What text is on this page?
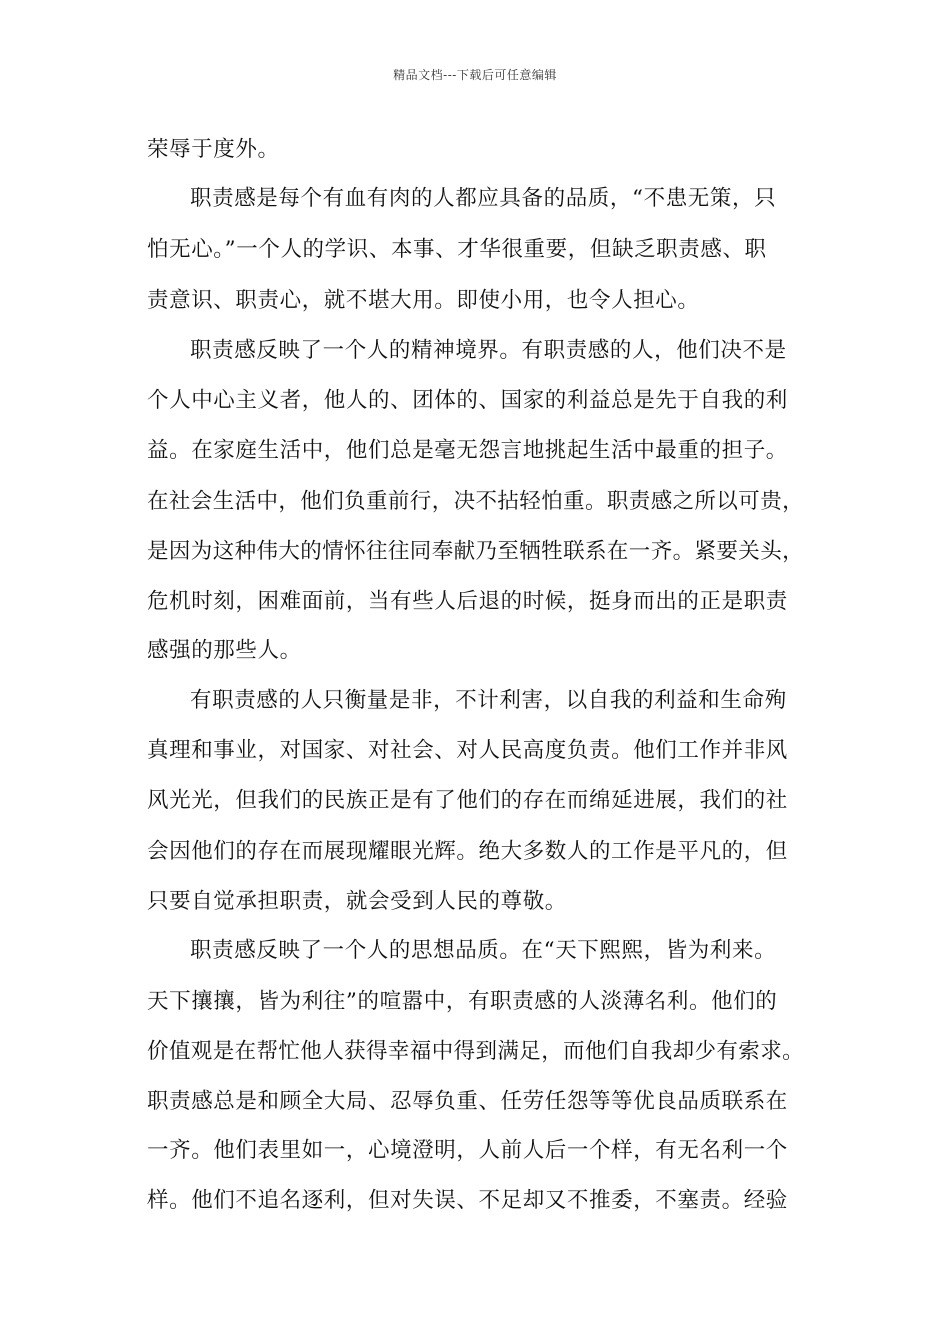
精品文档---下载后可任意编辑
荣辱于度外。
职责感是每个有血有肉的人都应具备的品质，“不患无策，只
怕无心。”一个人的学识、本事、才华很重要，但缺乏职责感、职
责意识、职责心，就不堪大用。即使小用，也令人担心。
职责感反映了一个人的精神境界。有职责感的人，他们决不是
个人中心主义者，他人的、团体的、国家的利益总是先于自我的利
益。在家庭生活中，他们总是毫无怨言地挑起生活中最重的担子。
在社会生活中，他们负重前行，决不拈轻怕重。职责感之所以可贵，
是因为这种伟大的情怀往往同奉献乃至牺牲联系在一齐。紧要关头，
危机时刻，困难面前，当有些人后退的时候，挺身而出的正是职责
感强的那些人。
有职责感的人只衡量是非，不计利害，以自我的利益和生命殉
真理和事业，对国家、对社会、对人民高度负责。他们工作并非风
风光光，但我们的民族正是有了他们的存在而绵延进展，我们的社
会因他们的存在而展现耀眼光辉。绝大多数人的工作是平凡的，但
只要自觉承担职责，就会受到人民的尊敬。
职责感反映了一个人的思想品质。在“天下熙熙，皆为利来。
天下攘攘，皆为利往”的喧嚣中，有职责感的人淡薄名利。他们的
价值观是在帮忙他人获得幸福中得到满足，而他们自我却少有索求。
职责感总是和顾全大局、忍辱负重、任劳任怨等等优良品质联系在
一齐。他们表里如一，心境澄明，人前人后一个样，有无名利一个
样。他们不追名逐利，但对失误、不足却又不推委，不塞责。经验
